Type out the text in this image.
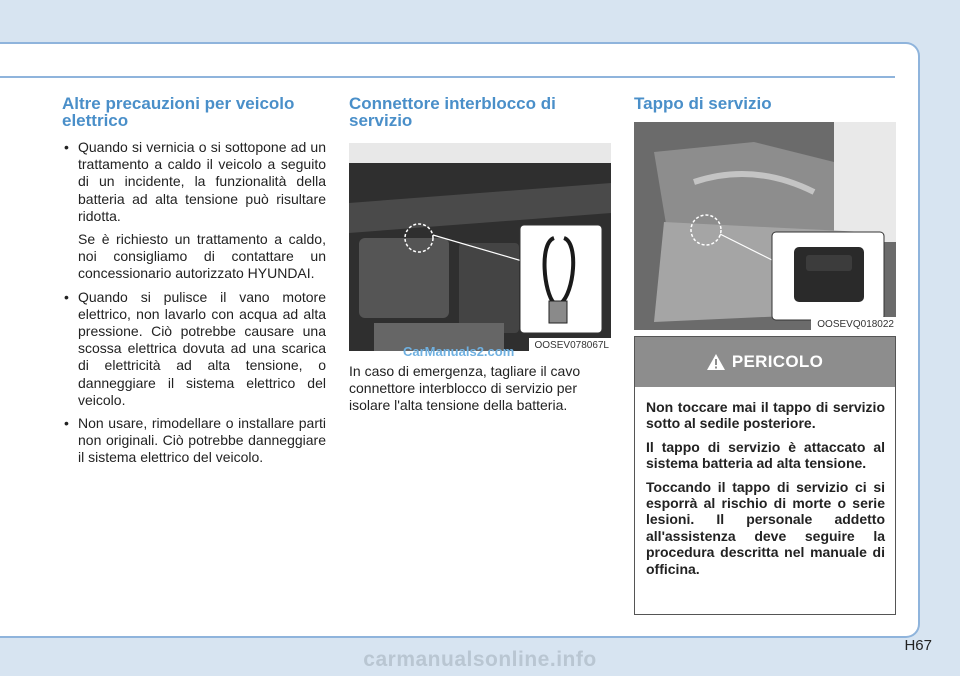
Altre precauzioni per veicolo
elettrico
• Quando si vernicia o si sottopone ad un trattamento a caldo il veicolo a seguito di un incidente, la funzionalità della batteria ad alta tensione può risultare ridotta.

Se è richiesto un trattamento a caldo, noi consigliamo di contattare un concessionario autorizzato HYUNDAI.

• Quando si pulisce il vano motore elettrico, non lavarlo con acqua ad alta pressione. Ciò potrebbe causare una scossa elettrica dovuta ad una scarica di elettricità ad alta tensione, o danneggiare il sistema elettrico del veicolo.

• Non usare, rimodellare o installare parti non originali. Ciò potrebbe danneggiare il sistema elettrico del veicolo.

Connettore interblocco di
servizio
OOSEV078067L
In caso di emergenza, tagliare il cavo connettore interblocco di servizio per isolare l'alta tensione della batteria.
Tappo di servizio
OOSEVQ018022
PERICOLO

Non toccare mai il tappo di servizio sotto al sedile posteriore.

Il tappo di servizio è attaccato al sistema batteria ad alta tensione.

Toccando il tappo di servizio ci si esporrà al rischio di morte o serie lesioni. Il personale addetto all'assistenza deve seguire la procedura descritta nel manuale di officina.

CarManuals2.com
H67
carmanualsonline.info
